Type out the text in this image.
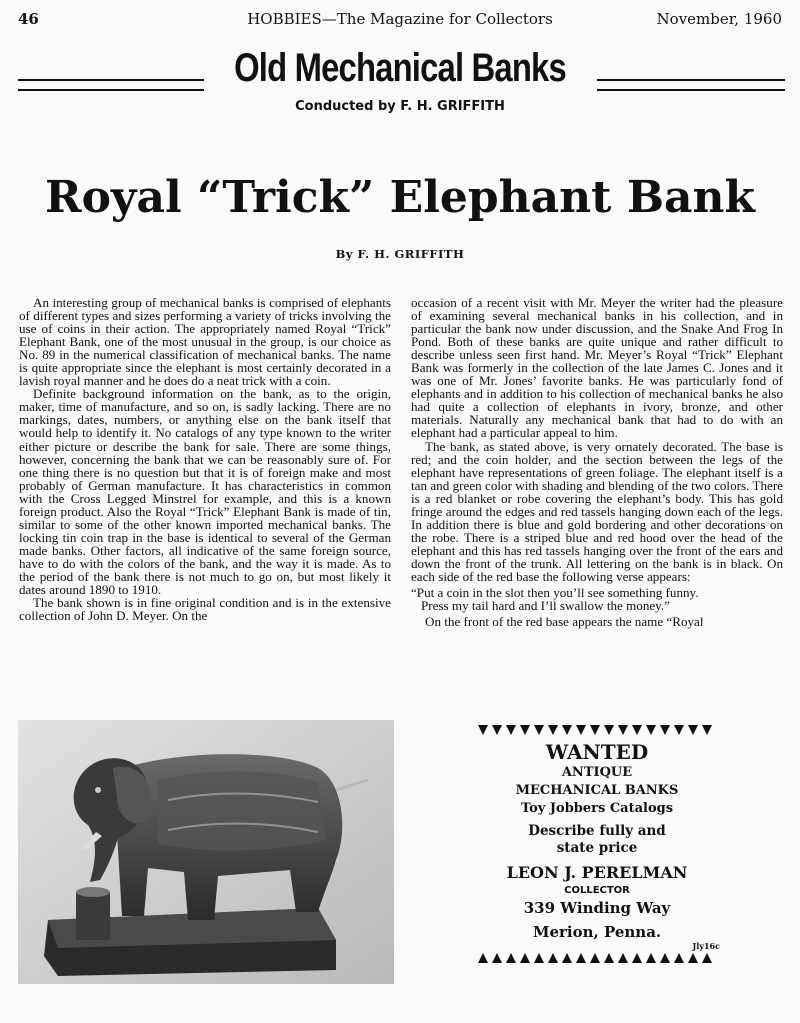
46	HOBBIES—The Magazine for Collectors	November, 1960
Old Mechanical Banks
Conducted by F. H. GRIFFITH
Royal “Trick” Elephant Bank
By F. H. GRIFFITH

An interesting group of mechanical banks is comprised of elephants of different types and sizes performing a variety of tricks involving the use of coins in their action. The appropriately named Royal “Trick” Elephant Bank, one of the most unusual in the group, is our choice as No. 89 in the numerical classification of mechanical banks. The name is quite appropriate since the elephant is most certainly decorated in a lavish royal manner and he does do a neat trick with a coin.

Definite background information on the bank, as to the origin, maker, time of manufacture, and so on, is sadly lacking. There are no markings, dates, numbers, or anything else on the bank itself that would help to identify it. No catalogs of any type known to the writer either picture or describe the bank for sale. There are some things, however, concerning the bank that we can be reasonably sure of. For one thing there is no question but that it is of foreign make and most probably of German manufacture. It has characteristics in common with the Cross Legged Minstrel for example, and this is a known foreign product. Also the Royal “Trick” Elephant Bank is made of tin, similar to some of the other known imported mechanical banks. The locking tin coin trap in the base is identical to several of the German made banks. Other factors, all indicative of the same foreign source, have to do with the colors of the bank, and the way it is made. As to the period of the bank there is not much to go on, but most likely it dates around 1890 to 1910.

The bank shown is in fine original condition and is in the extensive collection of John D. Meyer. On the

occasion of a recent visit with Mr. Meyer the writer had the pleasure of examining several mechanical banks in his collection, and in particular the bank now under discussion, and the Snake And Frog In Pond. Both of these banks are quite unique and rather difficult to describe unless seen first hand. Mr. Meyer’s Royal “Trick” Elephant Bank was formerly in the collection of the late James C. Jones and it was one of Mr. Jones’ favorite banks. He was particularly fond of elephants and in addition to his collection of mechanical banks he also had quite a collection of elephants in ivory, bronze, and other materials. Naturally any mechanical bank that had to do with an elephant had a particular appeal to him.

The bank, as stated above, is very ornately decorated. The base is red; and the coin holder, and the section between the legs of the elephant have representations of green foliage. The elephant itself is a tan and green color with shading and blending of the two colors. There is a red blanket or robe covering the elephant’s body. This has gold fringe around the edges and red tassels hanging down each of the legs. In addition there is blue and gold bordering and other decorations on the robe. There is a striped blue and red hood over the head of the elephant and this has red tassels hanging over the front of the ears and down the front of the trunk. All lettering on the bank is in black. On each side of the red base the following verse appears:

“Put a coin in the slot then you’ll see something funny.
Press my tail hard and I’ll swallow the money.”

On the front of the red base appears the name “Royal

WANTED
ANTIQUE
MECHANICAL BANKS
Toy Jobbers Catalogs
Describe fully and
state price
LEON J. PERELMAN
COLLECTOR
339 Winding Way
Merion, Penna.
Jly16c
